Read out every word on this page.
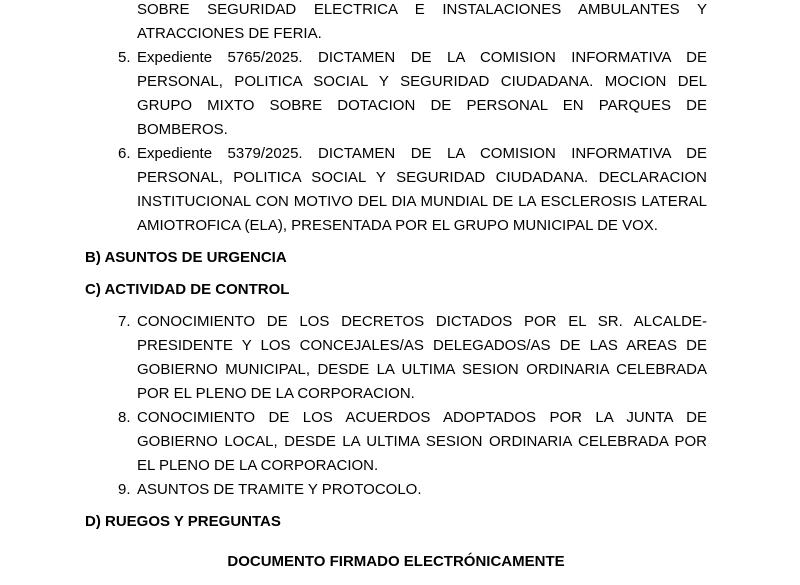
SOBRE SEGURIDAD ELECTRICA E INSTALACIONES AMBULANTES Y ATRACCIONES DE FERIA.

5. Expediente 5765/2025. DICTAMEN DE LA COMISION INFORMATIVA DE PERSONAL, POLITICA SOCIAL Y SEGURIDAD CIUDADANA. MOCION DEL GRUPO MIXTO SOBRE DOTACION DE PERSONAL EN PARQUES DE BOMBEROS.
6. Expediente 5379/2025. DICTAMEN DE LA COMISION INFORMATIVA DE PERSONAL, POLITICA SOCIAL Y SEGURIDAD CIUDADANA. DECLARACION INSTITUCIONAL CON MOTIVO DEL DIA MUNDIAL DE LA ESCLEROSIS LATERAL AMIOTROFICA (ELA), PRESENTADA POR EL GRUPO MUNICIPAL DE VOX.
B) ASUNTOS DE URGENCIA
C) ACTIVIDAD DE CONTROL
7. CONOCIMIENTO DE LOS DECRETOS DICTADOS POR EL SR. ALCALDE-PRESIDENTE Y LOS CONCEJALES/AS DELEGADOS/AS DE LAS AREAS DE GOBIERNO MUNICIPAL, DESDE LA ULTIMA SESION ORDINARIA CELEBRADA POR EL PLENO DE LA CORPORACION.
8. CONOCIMIENTO DE LOS ACUERDOS ADOPTADOS POR LA JUNTA DE GOBIERNO LOCAL, DESDE LA ULTIMA SESION ORDINARIA CELEBRADA POR EL PLENO DE LA CORPORACION.
9. ASUNTOS DE TRAMITE Y PROTOCOLO.
D) RUEGOS Y PREGUNTAS

DOCUMENTO FIRMADO ELECTRÓNICAMENTE
